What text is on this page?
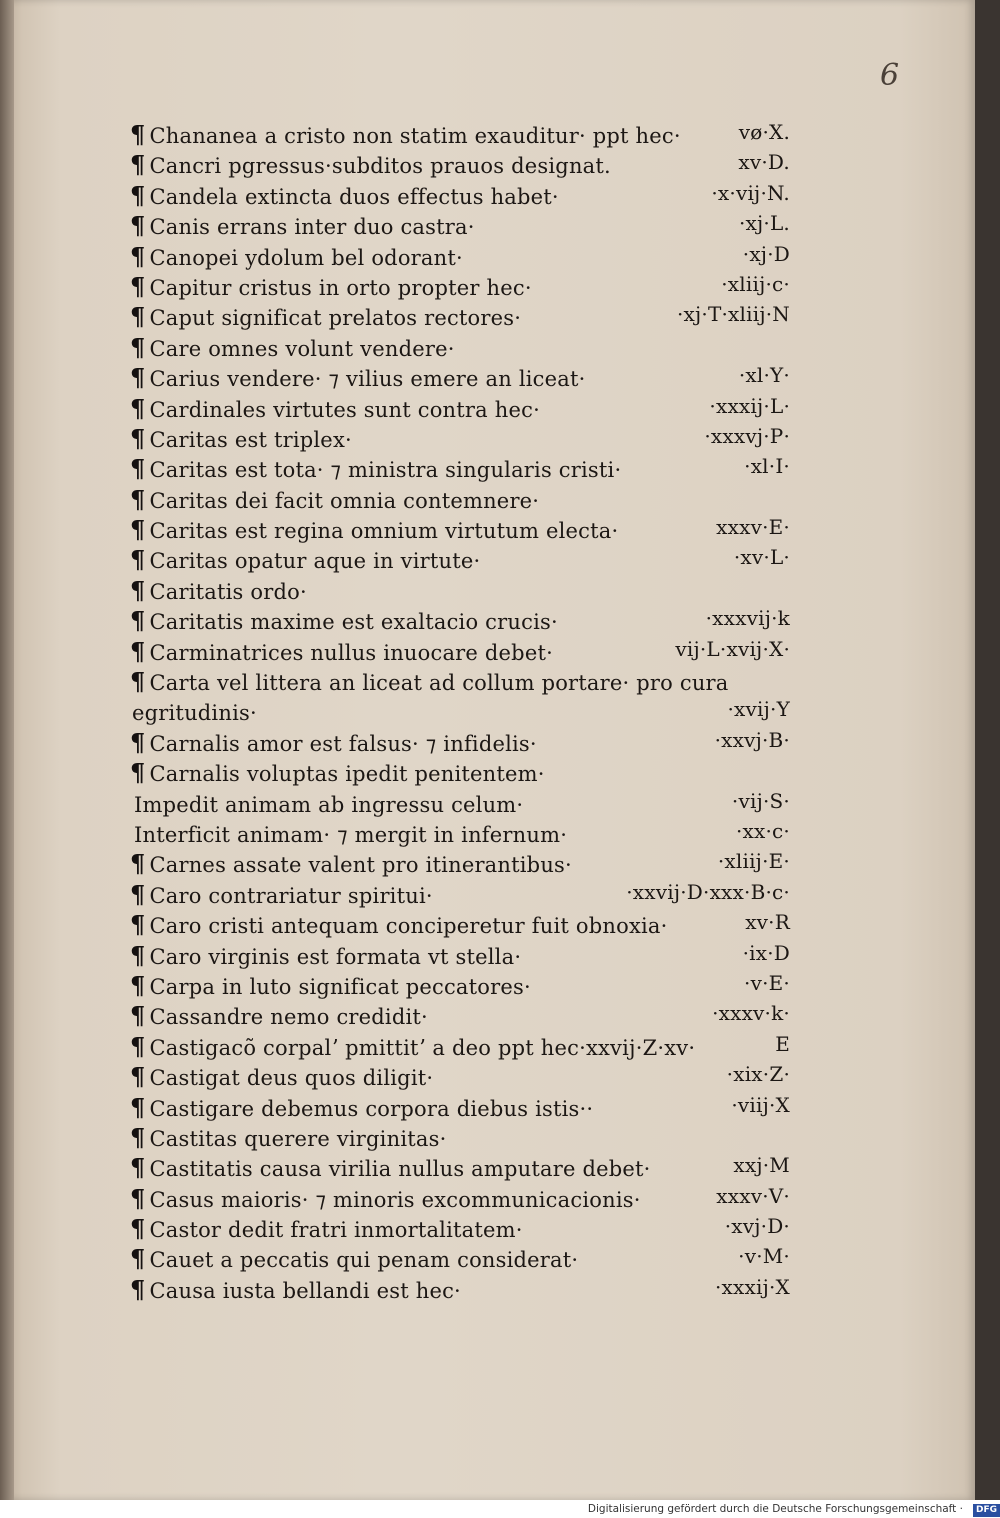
6
¶ Chananea a cristo non statim exauditur· ppt hec·	vø·X.
¶ Cancri pgressus·subditos prauos designat.	xv·D.
¶ Candela extincta duos effectus habet·	·x·vij·N.
¶ Canis errans inter duo castra·	·xj·L.
¶ Canopei ydolum bel odorant·	·xj·D
¶ Capitur cristus in orto propter hec·	·xliij·c·
¶ Caput significat prelatos rectores·	·xj·T·xliij·N
¶ Care omnes volunt vendere·
¶ Carius vendere· ⁊ vilius emere an liceat·	·xl·Y·
¶ Cardinales virtutes sunt contra hec·	·xxxij·L·
¶ Caritas est triplex·	·xxxvj·P·
¶ Caritas est tota· ⁊ ministra singularis cristi·	·xl·I·
¶ Caritas dei facit omnia contemnere·
¶ Caritas est regina omnium virtutum electa·	xxxv·E·
¶ Caritas opatur aque in virtute·	·xv·L·
¶ Caritatis ordo·
¶ Caritatis maxime est exaltacio crucis·	·xxxvij·k
¶ Carminatrices nullus inuocare debet·	vij·L·xvij·X·
¶ Carta vel littera an liceat ad collum portare· pro cura
egritudinis·	·xvij·Y
¶ Carnalis amor est falsus· ⁊ infidelis·	·xxvj·B·
¶ Carnalis voluptas ipedit penitentem·
Impedit animam ab ingressu celum·	·vij·S·
Interficit animam· ⁊ mergit in infernum·	·xx·c·
¶ Carnes assate valent pro itinerantibus·	·xliij·E·
¶ Caro contrariatur spiritui·	·xxvij·D·xxx·B·c·
¶ Caro cristi antequam conciperetur fuit obnoxia·	xv·R
¶ Caro virginis est formata vt stella·	·ix·D
¶ Carpa in luto significat peccatores·	·v·E·
¶ Cassandre nemo credidit·	·xxxv·k·
¶ Castigacõ corpalʼ pmittitʼ a deo ppt hec·xxvij·Z·xv·	E
¶ Castigat deus quos diligit·	·xix·Z·
¶ Castigare debemus corpora diebus istis··	·viij·X
¶ Castitas querere virginitas·
¶ Castitatis causa virilia nullus amputare debet·	xxj·M
¶ Casus maioris· ⁊ minoris excommunicacionis·	xxxv·V·
¶ Castor dedit fratri inmortalitatem·	·xvj·D·
¶ Cauet a peccatis qui penam considerat·	·v·M·
¶ Causa iusta bellandi est hec·	·xxxij·X
Digitalisierung gefördert durch die Deutsche Forschungsgemeinschaft · DFG
